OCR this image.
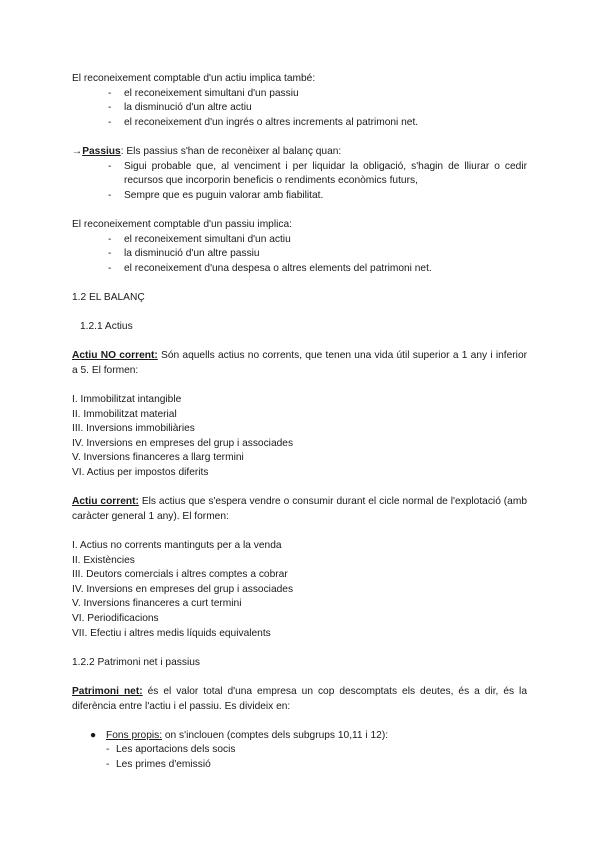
El reconeixement comptable d'un actiu implica també:

- el reconeixement simultani d'un passiu
- la disminució d'un altre actiu
- el reconeixement d'un ingrés o altres increments al patrimoni net.

→Passius: Els passius s'han de reconèixer al balanç quan:

- Sigui probable que, al venciment i per liquidar la obligació, s'hagin de lliurar o cedir recursos que incorporin beneficis o rendiments econòmics futurs,
- Sempre que es puguin valorar amb fiabilitat.

El reconeixement comptable d'un passiu implica:

- el reconeixement simultani d'un actiu
- la disminució d'un altre passiu
- el reconeixement d'una despesa o altres elements del patrimoni net.

1.2 EL BALANÇ

1.2.1 Actius

Actiu NO corrent: Són aquells actius no corrents, que tenen una vida útil superior a 1 any i inferior a 5. El formen:

I. Immobilitzat intangible
II. Immobilitzat material
III. Inversions immobiliàries
IV. Inversions en empreses del grup i associades
V. Inversions financeres a llarg termini
VI. Actius per impostos diferits

Actiu corrent: Els actius que s'espera vendre o consumir durant el cicle normal de l'explotació (amb caràcter general 1 any). El formen:

I. Actius no corrents mantinguts per a la venda
II. Existències
III. Deutors comercials i altres comptes a cobrar
IV. Inversions en empreses del grup i associades
V. Inversions financeres a curt termini
VI. Periodificacions
VII. Efectiu i altres medis líquids equivalents

1.2.2 Patrimoni net i passius

Patrimoni net: és el valor total d'una empresa un cop descomptats els deutes, és a dir, és la diferència entre l'actiu i el passiu. Es divideix en:

● Fons propis: on s'inclouen (comptes dels subgrups 10,11 i 12):
- Les aportacions dels socis
- Les primes d'emissió
